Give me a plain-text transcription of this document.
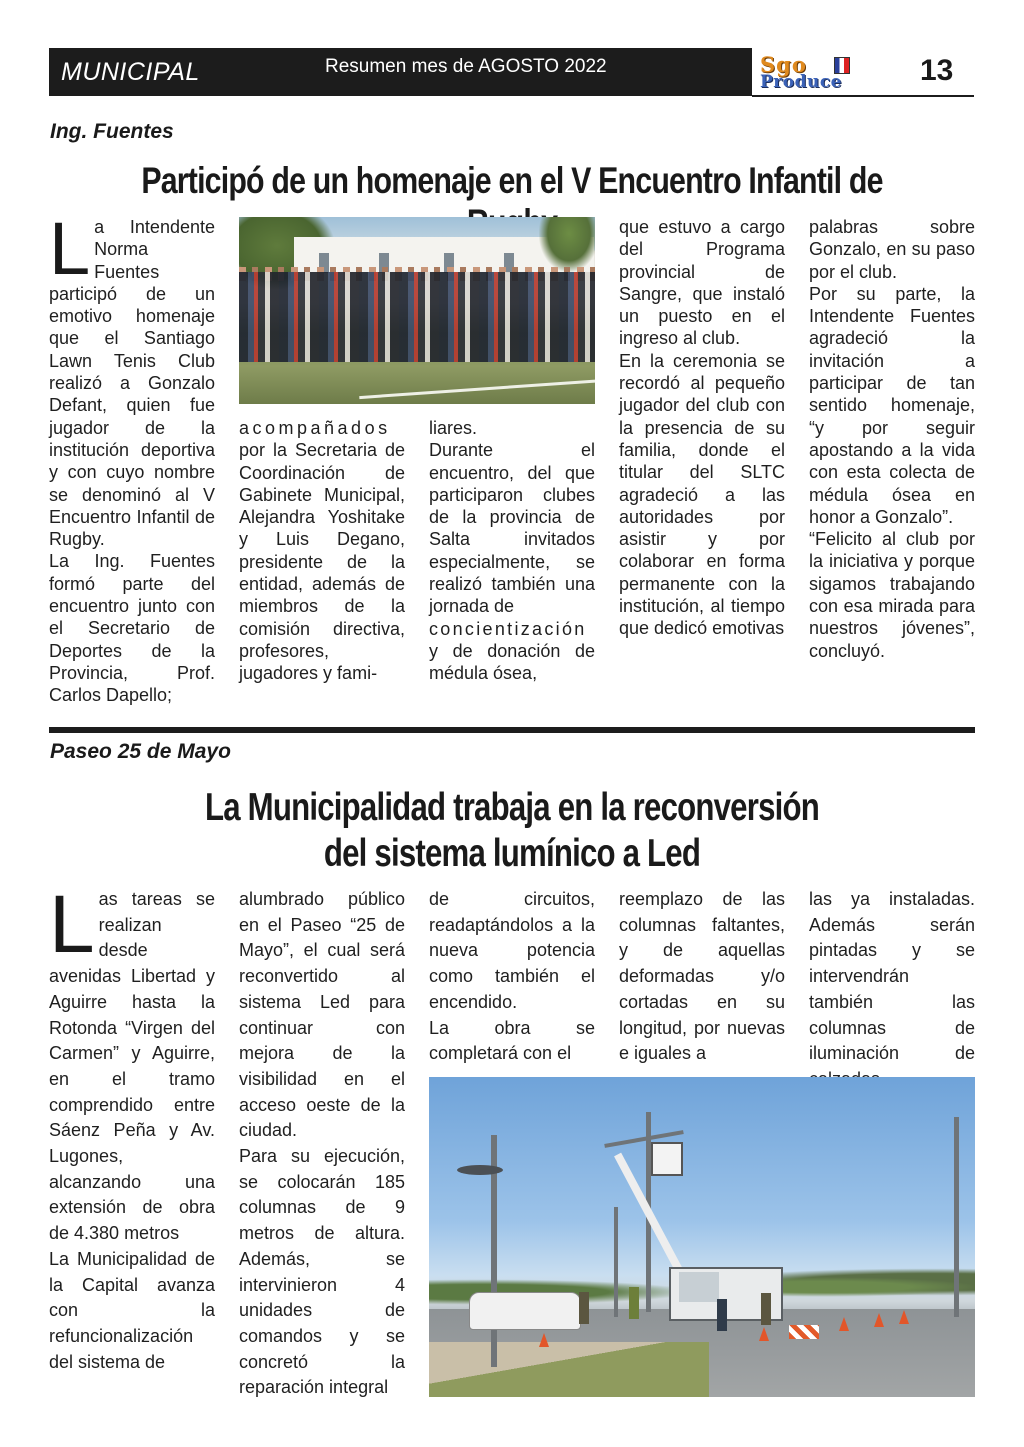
MUNICIPAL	Resumen mes de AGOSTO 2022	Sgo
Produce	13
Ing. Fuentes
Participó de un homenaje en el V Encuentro Infantil de

La Intendente Norma Fuentes participó de un emotivo homenaje que el Santiago Lawn Tenis Club realizó a Gonzalo Defant, quien fue jugador de la institución deportiva y con cuyo nombre se denominó al V Encuentro Infantil de Rugby.

La Ing. Fuentes formó parte del encuentro junto con el Secretario de Deportes de la Provincia, Prof. Carlos Dapello;

acompañados por la Secretaria de Coordinación de Gabinete Municipal, Alejandra Yoshitake y Luis Degano, presidente de la entidad, además de miembros de la comisión directiva, profesores, jugadores y fami-

liares.

Durante el encuentro, del que participaron clubes de la provincia de Salta invitados especialmente, se realizó también una jornada de

concientización y de donación de médula ósea,

que estuvo a cargo del Programa provincial de Sangre, que instaló un puesto en el ingreso al club.

En la ceremonia se recordó al pequeño jugador del club con la presencia de su familia, donde el titular del SLTC agradeció a las autoridades por asistir y por colaborar en forma permanente con la institución, al tiempo que dedicó emotivas

palabras sobre Gonzalo, en su paso por el club.

Por su parte, la Intendente Fuentes agradeció la invitación a participar de tan sentido homenaje, “y por seguir apostando a la vida con esta colecta de médula ósea en honor a Gonzalo”.

“Felicito al club por la iniciativa y porque sigamos trabajando con esa mirada para nuestros jóvenes”, concluyó.

Paseo 25 de Mayo
La Municipalidad trabaja en la reconversión
del sistema lumínico a Led

Las tareas se realizan desde avenidas Libertad y Aguirre hasta la Rotonda “Virgen del Carmen” y Aguirre, en el tramo comprendido entre Sáenz Peña y Av. Lugones, alcanzando una extensión de obra de 4.380 metros

La Municipalidad de la Capital avanza con la refuncionalización del sistema de

alumbrado público en el Paseo “25 de Mayo”, el cual será reconvertido al sistema Led para continuar con mejora de la visibilidad en el acceso oeste de la ciudad.

Para su ejecución, se colocarán 185 columnas de 9 metros de altura. Además, se intervinieron 4 unidades de comandos y se concretó la reparación integral

de circuitos, readaptándolos a la nueva potencia como también el encendido.

La obra se completará con el

reemplazo de las columnas faltantes, y de aquellas deformadas y/o cortadas en su longitud, por nuevas e iguales a

las ya instaladas. Además serán pintadas y se intervendrán también las columnas de iluminación de
